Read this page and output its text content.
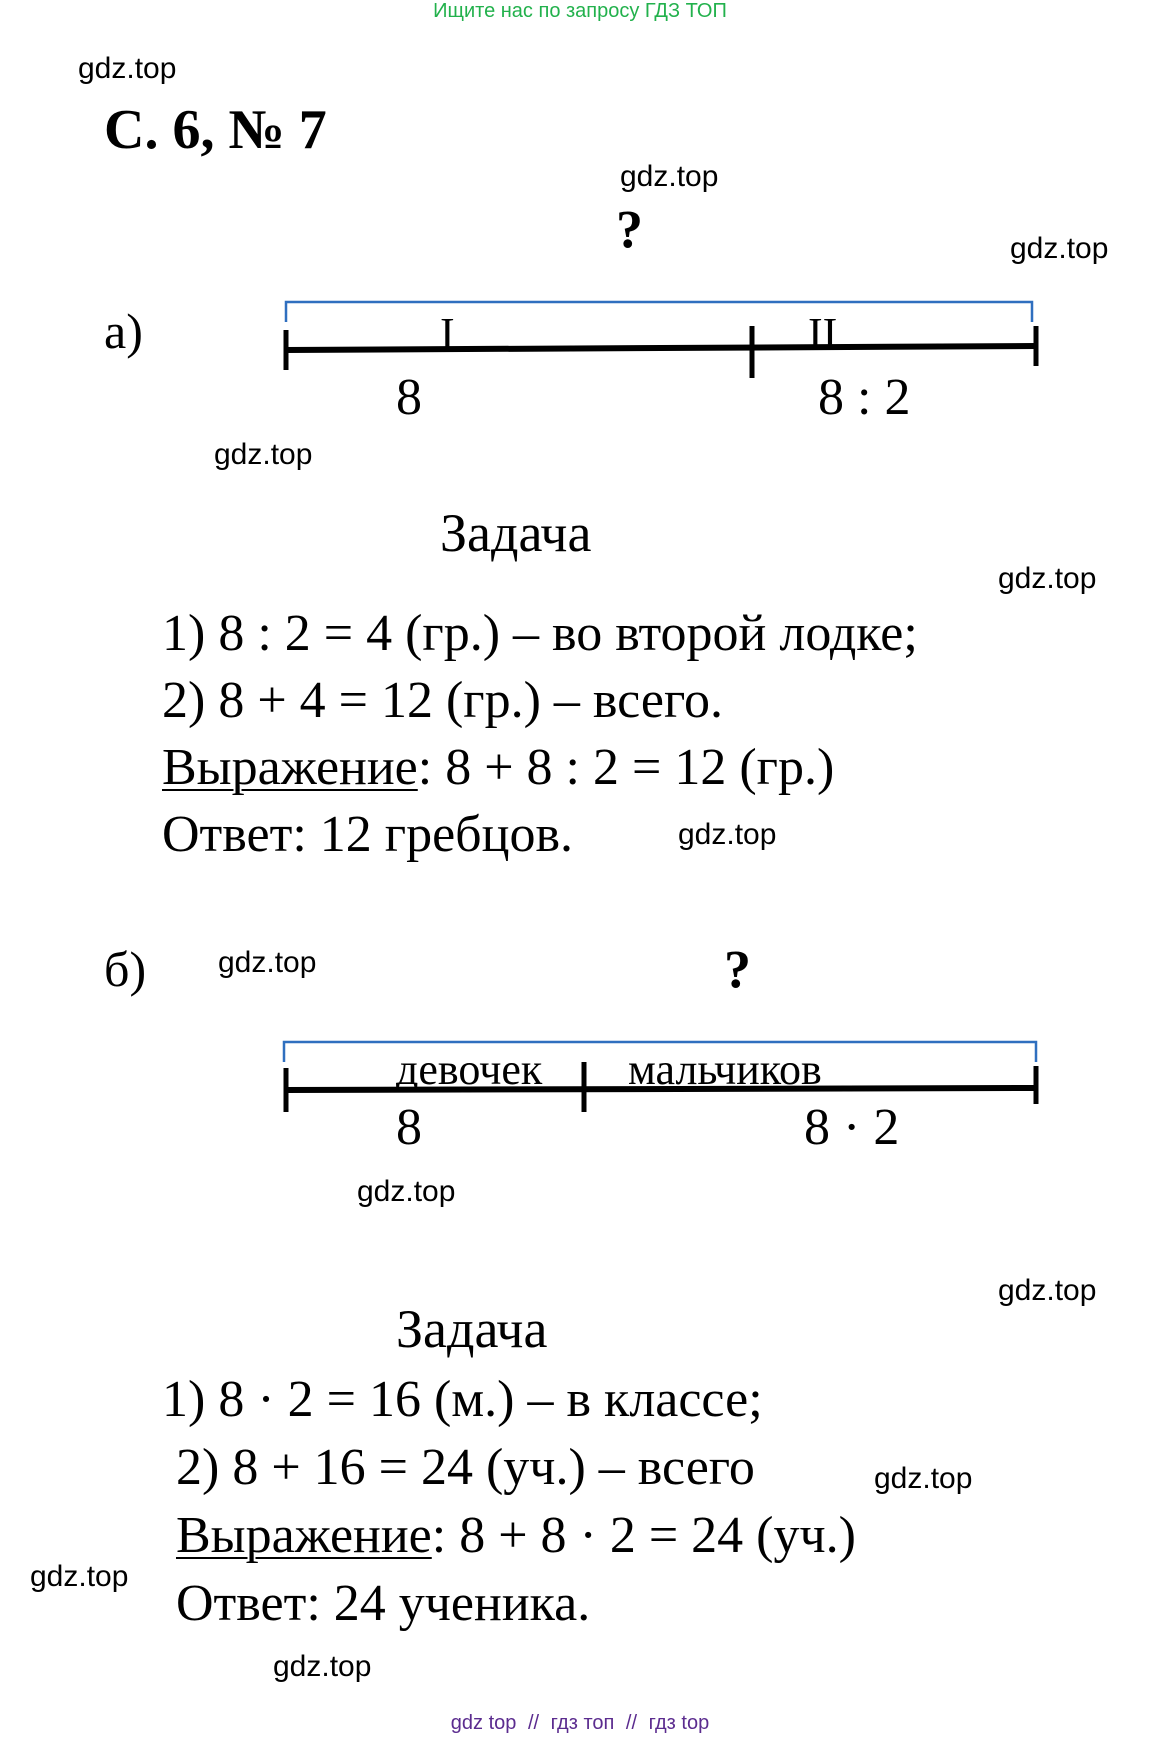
Ищите нас по запросу ГДЗ ТОП
gdz.top
gdz.top
gdz.top
gdz.top
gdz.top
gdz.top
gdz.top
gdz.top
gdz.top
gdz.top
gdz.top
gdz.top
С. 6, № 7
а)
?
I	II
8	8 : 2
Задача
1) 8 : 2 = 4 (гр.) – во второй лодке;
2) 8 + 4 = 12 (гр.) – всего.
Выражение: 8 + 8 : 2 = 12 (гр.)
Ответ: 12 гребцов.
б)	?
девочек мальчиков
8	8 · 2
Задача
1) 8 · 2 = 16 (м.) – в классе;
2) 8 + 16 = 24 (уч.) – всего
Выражение: 8 + 8 · 2 = 24 (уч.)
Ответ: 24 ученика.
gdz top // гдз топ // гдз top
